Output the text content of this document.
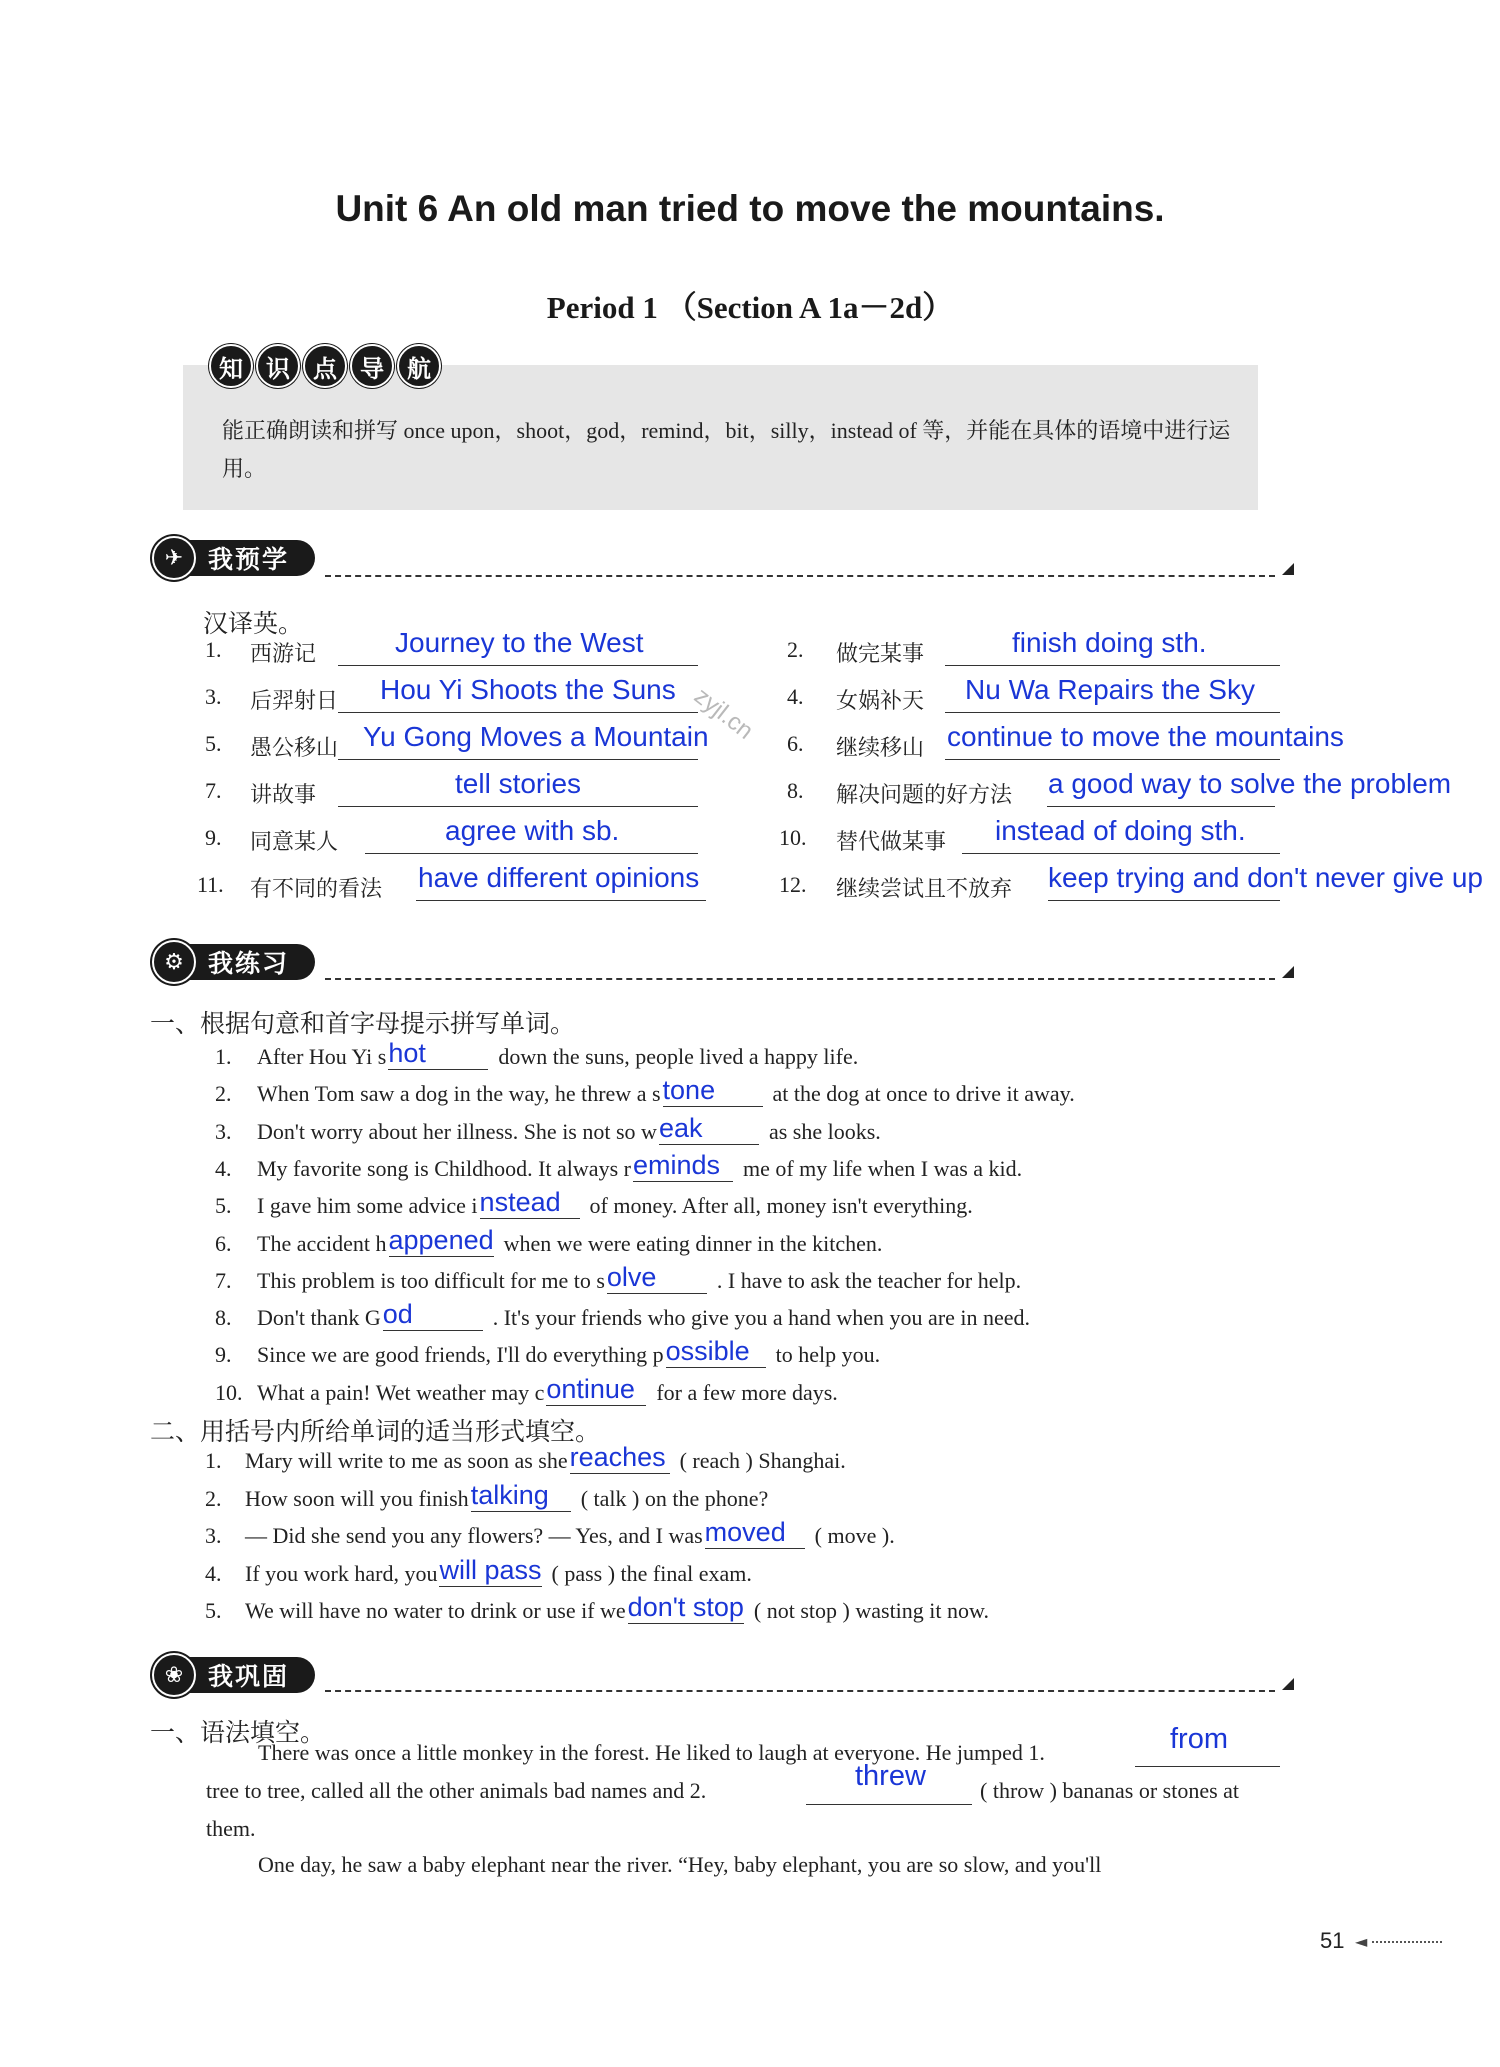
Unit 6 An old man tried to move the mountains.
Period 1 （Section A 1a－2d）
知 识 点 导 航
能正确朗读和拼写 once upon，shoot，god，remind，bit，silly，instead of 等，并能在具体的语境中进行运用。
✈ 我预学
汉译英。
1. 西游记	Journey to the West	2. 做完某事	finish doing sth.
3. 后羿射日 Hou Yi Shoots the Suns	4. 女娲补天 Nu Wa Repairs the Sky
5. 愚公移山 Yu Gong Moves a Mountain	6. 继续移山 continue to move the mountains
7. 讲故事	tell stories	8. 解决问题的好方法 a good way to solve the problem
9. 同意某人	agree with sb.	10. 替代做某事 instead of doing sth.
11. 有不同的看法 have different opinions	12. 继续尝试且不放弃 keep trying and don't never give up
zyjl.cn
⚙ 我练习
一、根据句意和首字母提示拼写单词。
1.	After Hou Yi s hot	down the suns, people lived a happy life.
2.	When Tom saw a dog in the way, he threw a s tone	at the dog at once to drive it away.
3.	Don't worry about her illness. She is not so w eak	as she looks.
4.	My favorite song is Childhood. It always r eminds	me of my life when I was a kid.
5.	I gave him some advice i nstead	of money. After all, money isn't everything.
6.	The accident h appened when we were eating dinner in the kitchen.
7.	This problem is too difficult for me to s olve	. I have to ask the teacher for help.
8.	Don't thank G od	. It's your friends who give you a hand when you are in need.
9.	Since we are good friends, I'll do everything p ossible	to help you.
10. What a pain! Wet weather may c ontinue for a few more days.
二、用括号内所给单词的适当形式填空。
1.	Mary will write to me as soon as she reaches ( reach ) Shanghai.
2.	How soon will you finish talking	( talk ) on the phone?
3.	— Did she send you any flowers? — Yes, and I was moved	( move ).
4.	If you work hard, you will pass ( pass ) the final exam.
5.	We will have no water to drink or use if we don't stop ( not stop ) wasting it now.
❀ 我巩固
一、语法填空。
There was once a little monkey in the forest. He liked to laugh at everyone. He jumped 1.	from
tree to tree, called all the other animals bad names and 2.	threw ( throw ) bananas or stones at
them.
One day, he saw a baby elephant near the river. “Hey, baby elephant, you are so slow, and you'll
51 ◄
